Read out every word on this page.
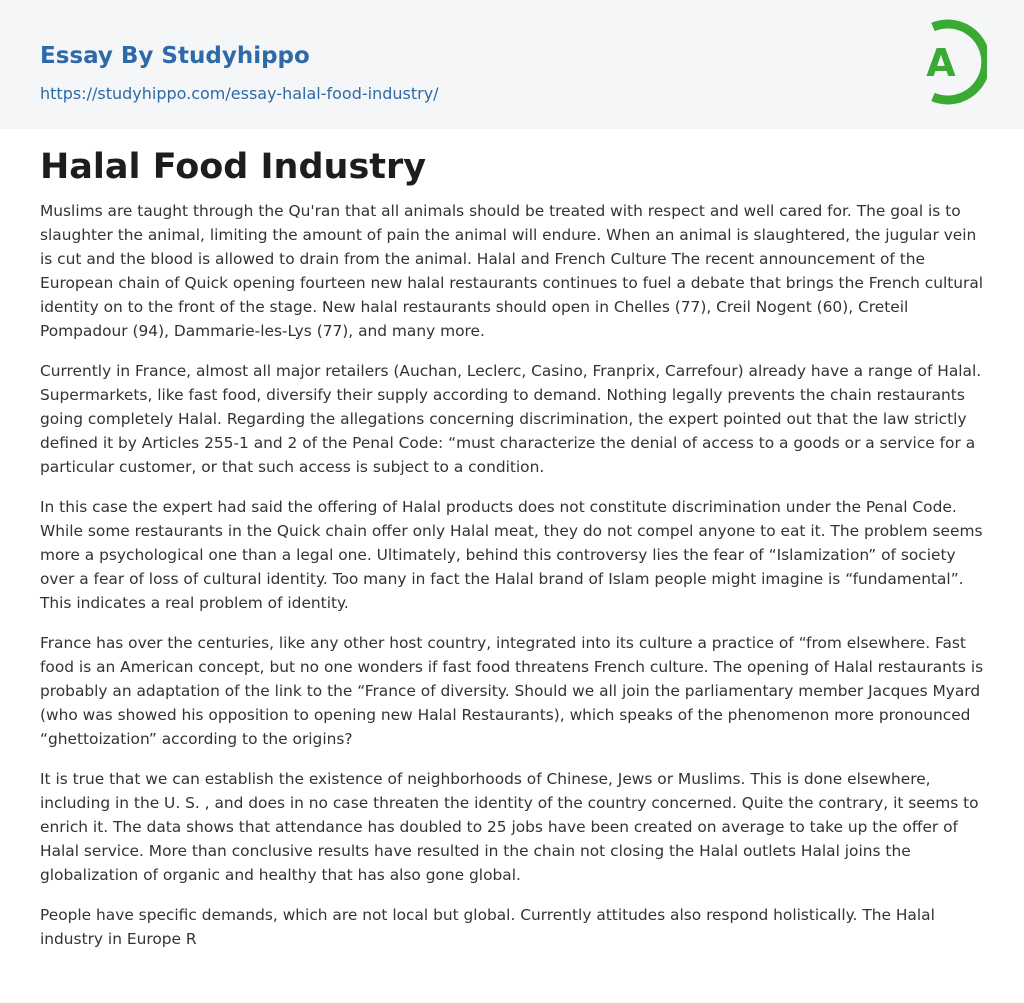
Essay By Studyhippo
https://studyhippo.com/essay-halal-food-industry/
A
Halal Food Industry

Muslims are taught through the Qu'ran that all animals should be treated with respect and well cared for. The goal is to slaughter the animal, limiting the amount of pain the animal will endure. When an animal is slaughtered, the jugular vein is cut and the blood is allowed to drain from the animal. Halal and French Culture The recent announcement of the European chain of Quick opening fourteen new halal restaurants continues to fuel a debate that brings the French cultural identity on to the front of the stage. New halal restaurants should open in Chelles (77), Creil Nogent (60), Creteil Pompadour (94), Dammarie-les-Lys (77), and many more.

Currently in France, almost all major retailers (Auchan, Leclerc, Casino, Franprix, Carrefour) already have a range of Halal. Supermarkets, like fast food, diversify their supply according to demand. Nothing legally prevents the chain restaurants going completely Halal. Regarding the allegations concerning discrimination, the expert pointed out that the law strictly defined it by Articles 255-1 and 2 of the Penal Code: “must characterize the denial of access to a goods or a service for a particular customer, or that such access is subject to a condition.

In this case the expert had said the offering of Halal products does not constitute discrimination under the Penal Code. While some restaurants in the Quick chain offer only Halal meat, they do not compel anyone to eat it. The problem seems more a psychological one than a legal one. Ultimately, behind this controversy lies the fear of “Islamization” of society over a fear of loss of cultural identity. Too many in fact the Halal brand of Islam people might imagine is “fundamental”. This indicates a real problem of identity.

France has over the centuries, like any other host country, integrated into its culture a practice of “from elsewhere. Fast food is an American concept, but no one wonders if fast food threatens French culture. The opening of Halal restaurants is probably an adaptation of the link to the “France of diversity. Should we all join the parliamentary member Jacques Myard (who was showed his opposition to opening new Halal Restaurants), which speaks of the phenomenon more pronounced “ghettoization” according to the origins?

It is true that we can establish the existence of neighborhoods of Chinese, Jews or Muslims. This is done elsewhere, including in the U. S. , and does in no case threaten the identity of the country concerned. Quite the contrary, it seems to enrich it. The data shows that attendance has doubled to 25 jobs have been created on average to take up the offer of Halal service. More than conclusive results have resulted in the chain not closing the Halal outlets Halal joins the globalization of organic and healthy that has also gone global.

People have specific demands, which are not local but global. Currently attitudes also respond holistically. The Halal industry in Europe R
